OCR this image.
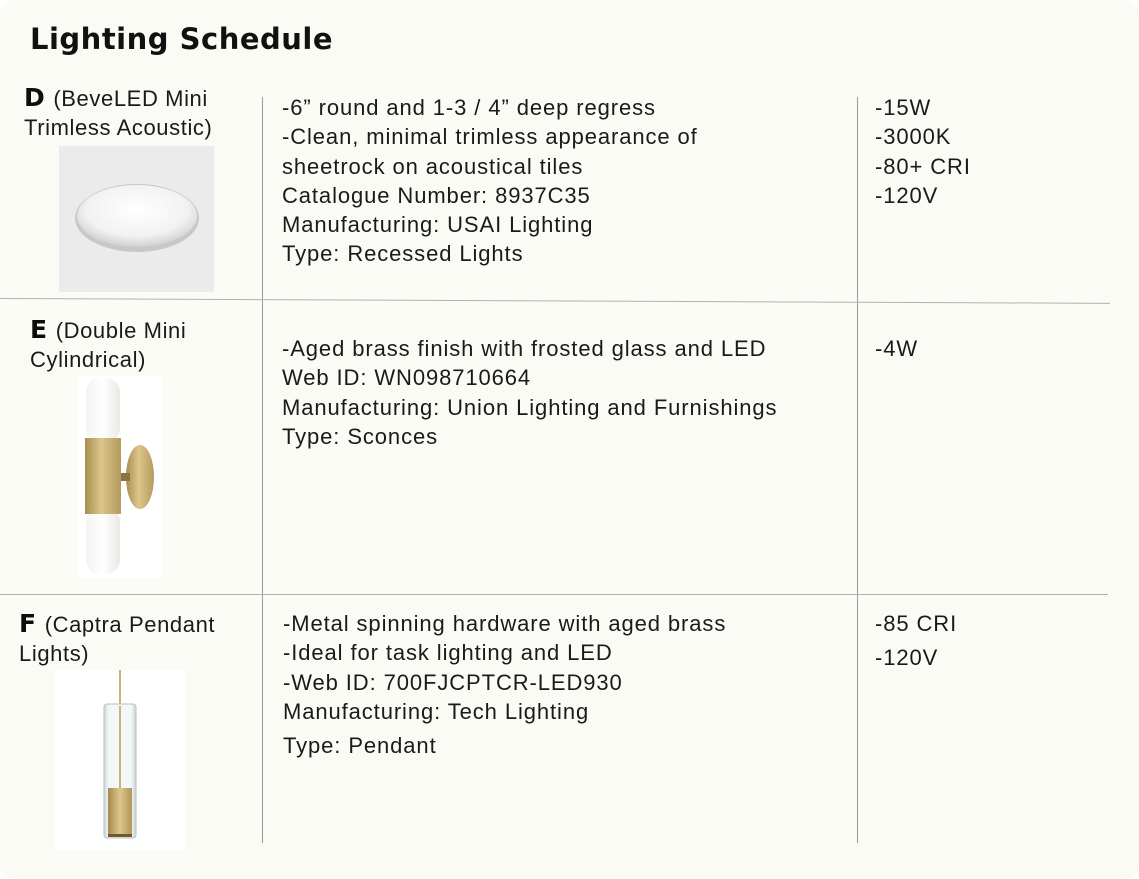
Lighting Schedule
D (BeveLED Mini
Trimless Acoustic)
-6” round and 1-3 / 4” deep regress
-Clean, minimal trimless appearance of
sheetrock on acoustical tiles
Catalogue Number: 8937C35
Manufacturing: USAI Lighting
Type: Recessed Lights
-15W
-3000K
-80+ CRI
-120V
E (Double Mini
Cylindrical)	-Aged brass finish with frosted glass and LED
Web ID: WN098710664
Manufacturing: Union Lighting and Furnishings
Type: Sconces
-4W
F (Captra Pendant
Lights)
-Metal spinning hardware with aged brass
-Ideal for task lighting and LED
-Web ID: 700FJCPTCR-LED930
Manufacturing: Tech Lighting
Type: Pendant
-85 CRI
-120V
